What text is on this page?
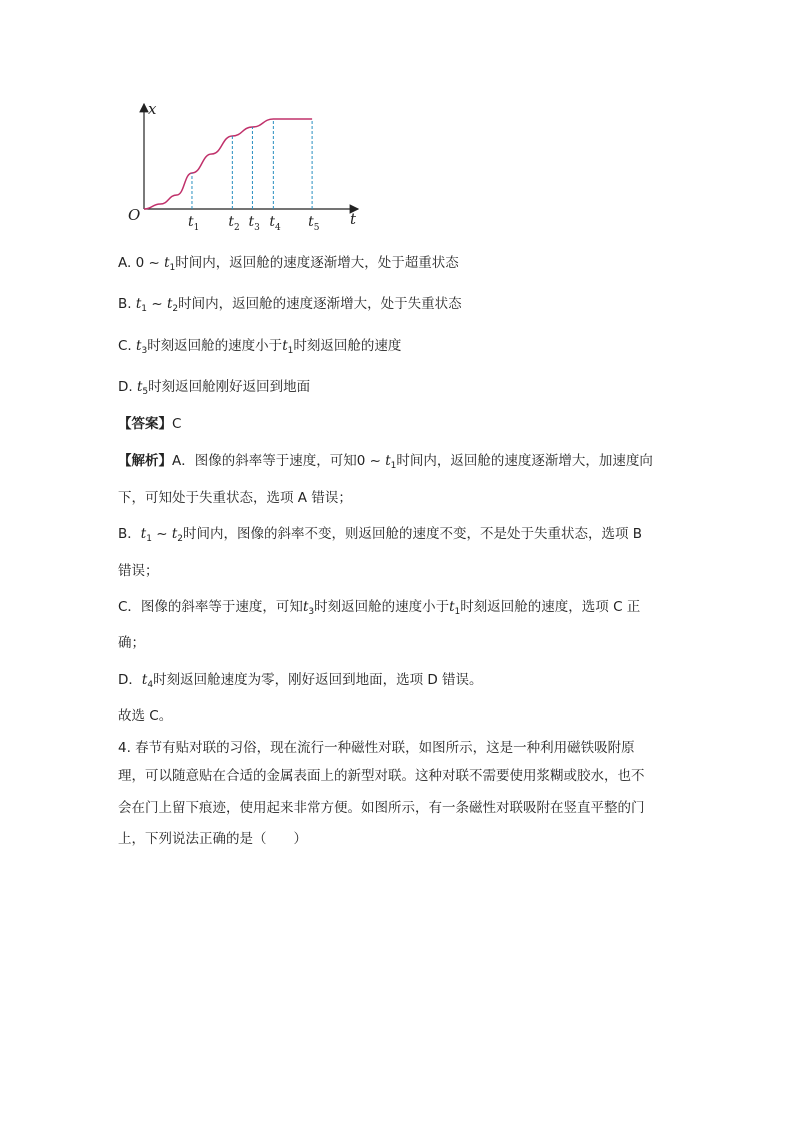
x
t
O	$t_1$ $t_2$ $t_3$ $t_4$ $t_5$
A. 0 ~ $t_1$时间内，返回舱的速度逐渐增大，处于超重状态
B. $t_1$ ~ $t_2$时间内，返回舱的速度逐渐增大，处于失重状态
C. $t_3$时刻返回舱的速度小于$t_1$时刻返回舱的速度
D. $t_5$时刻返回舱刚好返回到地面
【答案】C
【解析】A．图像的斜率等于速度，可知0 ~ $t_1$时间内，返回舱的速度逐渐增大，加速度向
下，可知处于失重状态，选项 A 错误；
B．$t_1$ ~ $t_2$时间内，图像的斜率不变，则返回舱的速度不变，不是处于失重状态，选项 B
错误；
C．图像的斜率等于速度，可知$t_3$时刻返回舱的速度小于$t_1$时刻返回舱的速度，选项 C 正
确；
D．$t_4$时刻返回舱速度为零，刚好返回到地面，选项 D 错误。
故选 C。
4. 春节有贴对联的习俗，现在流行一种磁性对联，如图所示，这是一种利用磁铁吸附原
理，可以随意贴在合适的金属表面上的新型对联。这种对联不需要使用浆糊或胶水，也不
会在门上留下痕迹，使用起来非常方便。如图所示，有一条磁性对联吸附在竖直平整的门
上，下列说法正确的是（　　）
